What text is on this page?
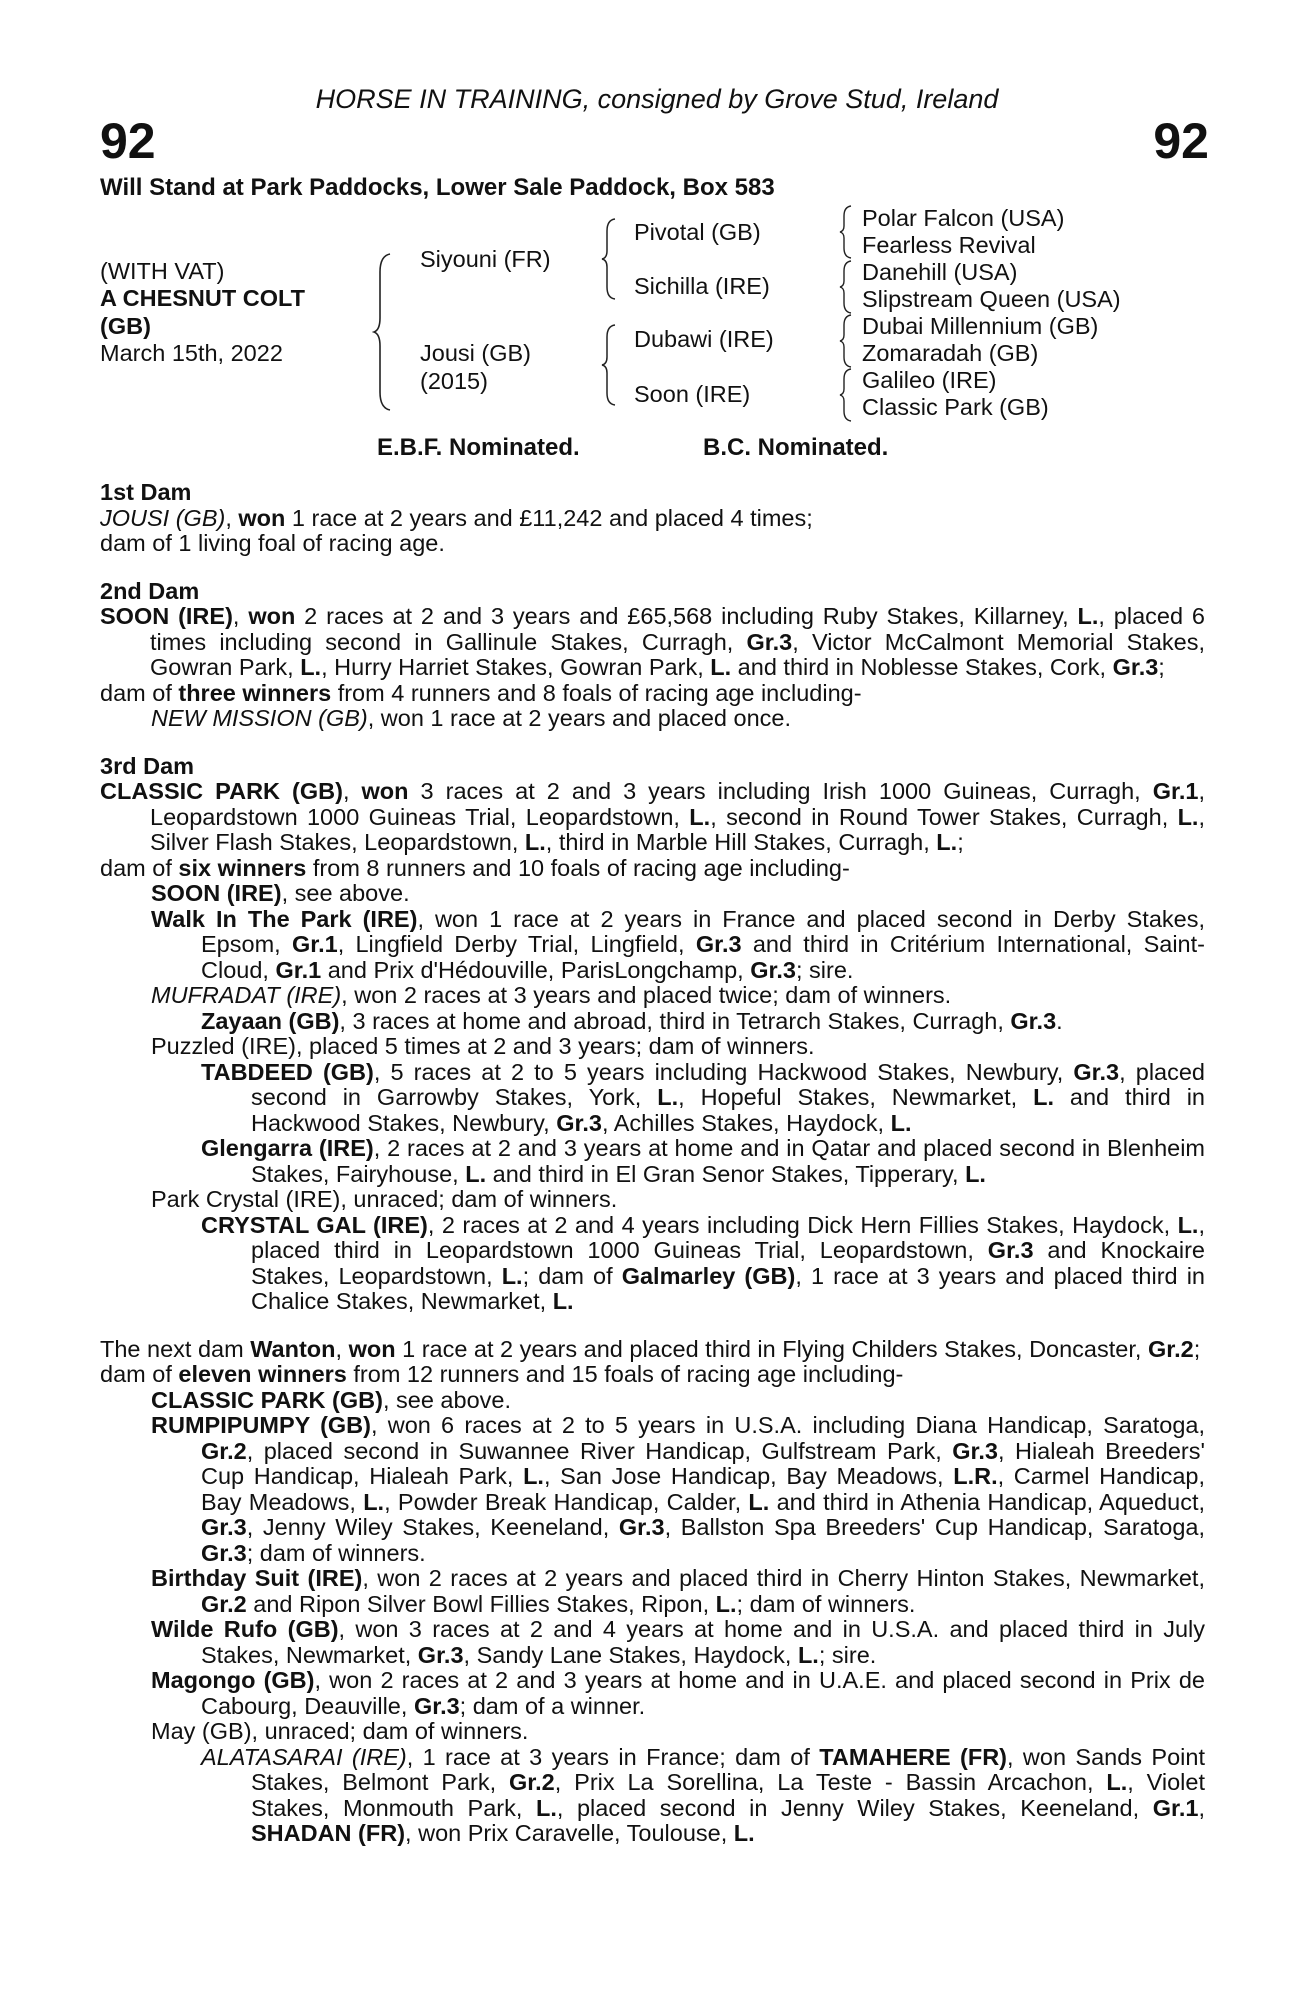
HORSE IN TRAINING, consigned by Grove Stud, Ireland
92	92
Will Stand at Park Paddocks, Lower Sale Paddock, Box 583
(WITH VAT)
A CHESNUT COLT
(GB)
March 15th, 2022
Siyouni (FR)
Jousi (GB)
(2015)
Pivotal (GB)
Sichilla (IRE)
Dubawi (IRE)
Soon (IRE)
Polar Falcon (USA)
Fearless Revival
Danehill (USA)
Slipstream Queen (USA)
Dubai Millennium (GB)
Zomaradah (GB)
Galileo (IRE)
Classic Park (GB)
E.B.F. Nominated.	B.C. Nominated.

1st Dam

JOUSI (GB), won 1 race at 2 years and £11,242 and placed 4 times;

dam of 1 living foal of racing age.

2nd Dam

SOON (IRE), won 2 races at 2 and 3 years and £65,568 including Ruby Stakes, Killarney, L., placed 6 times including second in Gallinule Stakes, Curragh, Gr.3, Victor McCalmont Memorial Stakes, Gowran Park, L., Hurry Harriet Stakes, Gowran Park, L. and third in Noblesse Stakes, Cork, Gr.3;

dam of three winners from 4 runners and 8 foals of racing age including-

NEW MISSION (GB), won 1 race at 2 years and placed once.

3rd Dam

CLASSIC PARK (GB), won 3 races at 2 and 3 years including Irish 1000 Guineas, Curragh, Gr.1, Leopardstown 1000 Guineas Trial, Leopardstown, L., second in Round Tower Stakes, Curragh, L., Silver Flash Stakes, Leopardstown, L., third in Marble Hill Stakes, Curragh, L.;

dam of six winners from 8 runners and 10 foals of racing age including-

SOON (IRE), see above.

Walk In The Park (IRE), won 1 race at 2 years in France and placed second in Derby Stakes, Epsom, Gr.1, Lingfield Derby Trial, Lingfield, Gr.3 and third in Critérium International, Saint-Cloud, Gr.1 and Prix d'Hédouville, ParisLongchamp, Gr.3; sire.

MUFRADAT (IRE), won 2 races at 3 years and placed twice; dam of winners.

Zayaan (GB), 3 races at home and abroad, third in Tetrarch Stakes, Curragh, Gr.3.

Puzzled (IRE), placed 5 times at 2 and 3 years; dam of winners.

TABDEED (GB), 5 races at 2 to 5 years including Hackwood Stakes, Newbury, Gr.3, placed second in Garrowby Stakes, York, L., Hopeful Stakes, Newmarket, L. and third in Hackwood Stakes, Newbury, Gr.3, Achilles Stakes, Haydock, L.

Glengarra (IRE), 2 races at 2 and 3 years at home and in Qatar and placed second in Blenheim Stakes, Fairyhouse, L. and third in El Gran Senor Stakes, Tipperary, L.

Park Crystal (IRE), unraced; dam of winners.

CRYSTAL GAL (IRE), 2 races at 2 and 4 years including Dick Hern Fillies Stakes, Haydock, L., placed third in Leopardstown 1000 Guineas Trial, Leopardstown, Gr.3 and Knockaire Stakes, Leopardstown, L.; dam of Galmarley (GB), 1 race at 3 years and placed third in Chalice Stakes, Newmarket, L.

The next dam Wanton, won 1 race at 2 years and placed third in Flying Childers Stakes, Doncaster, Gr.2;

dam of eleven winners from 12 runners and 15 foals of racing age including-

CLASSIC PARK (GB), see above.

RUMPIPUMPY (GB), won 6 races at 2 to 5 years in U.S.A. including Diana Handicap, Saratoga, Gr.2, placed second in Suwannee River Handicap, Gulfstream Park, Gr.3, Hialeah Breeders' Cup Handicap, Hialeah Park, L., San Jose Handicap, Bay Meadows, L.R., Carmel Handicap, Bay Meadows, L., Powder Break Handicap, Calder, L. and third in Athenia Handicap, Aqueduct, Gr.3, Jenny Wiley Stakes, Keeneland, Gr.3, Ballston Spa Breeders' Cup Handicap, Saratoga, Gr.3; dam of winners.

Birthday Suit (IRE), won 2 races at 2 years and placed third in Cherry Hinton Stakes, Newmarket, Gr.2 and Ripon Silver Bowl Fillies Stakes, Ripon, L.; dam of winners.

Wilde Rufo (GB), won 3 races at 2 and 4 years at home and in U.S.A. and placed third in July Stakes, Newmarket, Gr.3, Sandy Lane Stakes, Haydock, L.; sire.

Magongo (GB), won 2 races at 2 and 3 years at home and in U.A.E. and placed second in Prix de Cabourg, Deauville, Gr.3; dam of a winner.

May (GB), unraced; dam of winners.

ALATASARAI (IRE), 1 race at 3 years in France; dam of TAMAHERE (FR), won Sands Point Stakes, Belmont Park, Gr.2, Prix La Sorellina, La Teste - Bassin Arcachon, L., Violet Stakes, Monmouth Park, L., placed second in Jenny Wiley Stakes, Keeneland, Gr.1, SHADAN (FR), won Prix Caravelle, Toulouse, L.
